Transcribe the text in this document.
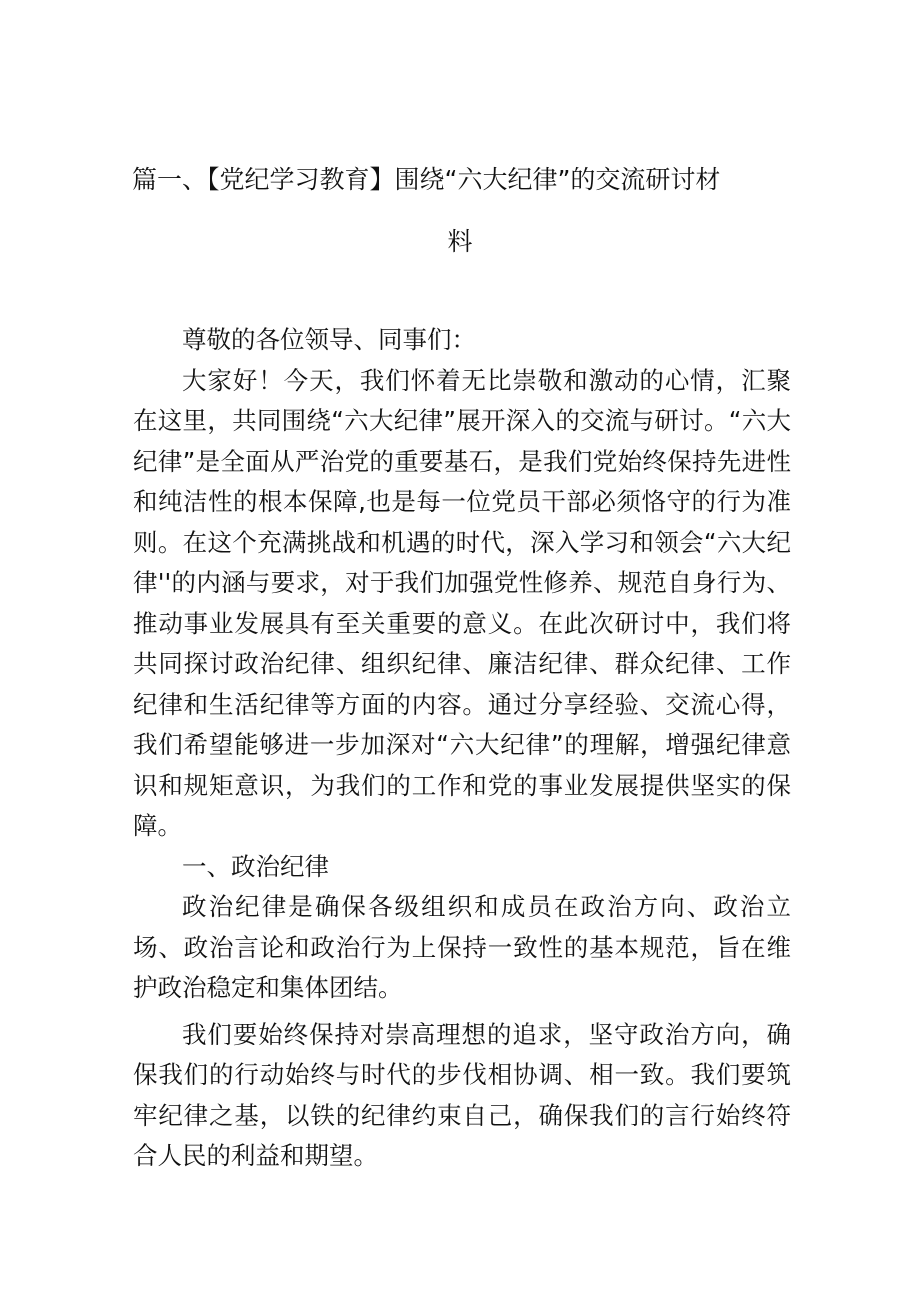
篇一、【党纪学习教育】围绕“六大纪律”的交流研讨材
料

尊敬的各位领导、同事们：

大家好！今天，我们怀着无比崇敬和激动的心情，汇聚在这里，共同围绕“六大纪律”展开深入的交流与研讨。“六大纪律”是全面从严治党的重要基石，是我们党始终保持先进性和纯洁性的根本保障,也是每一位党员干部必须恪守的行为准则。在这个充满挑战和机遇的时代，深入学习和领会“六大纪律''的内涵与要求，对于我们加强党性修养、规范自身行为、推动事业发展具有至关重要的意义。在此次研讨中，我们将共同探讨政治纪律、组织纪律、廉洁纪律、群众纪律、工作纪律和生活纪律等方面的内容。通过分享经验、交流心得，我们希望能够进一步加深对“六大纪律”的理解，增强纪律意识和规矩意识，为我们的工作和党的事业发展提供坚实的保障。

一、政治纪律

政治纪律是确保各级组织和成员在政治方向、政治立场、政治言论和政治行为上保持一致性的基本规范，旨在维护政治稳定和集体团结。

我们要始终保持对崇高理想的追求，坚守政治方向，确保我们的行动始终与时代的步伐相协调、相一致。我们要筑牢纪律之基，以铁的纪律约束自己，确保我们的言行始终符合人民的利益和期望。
